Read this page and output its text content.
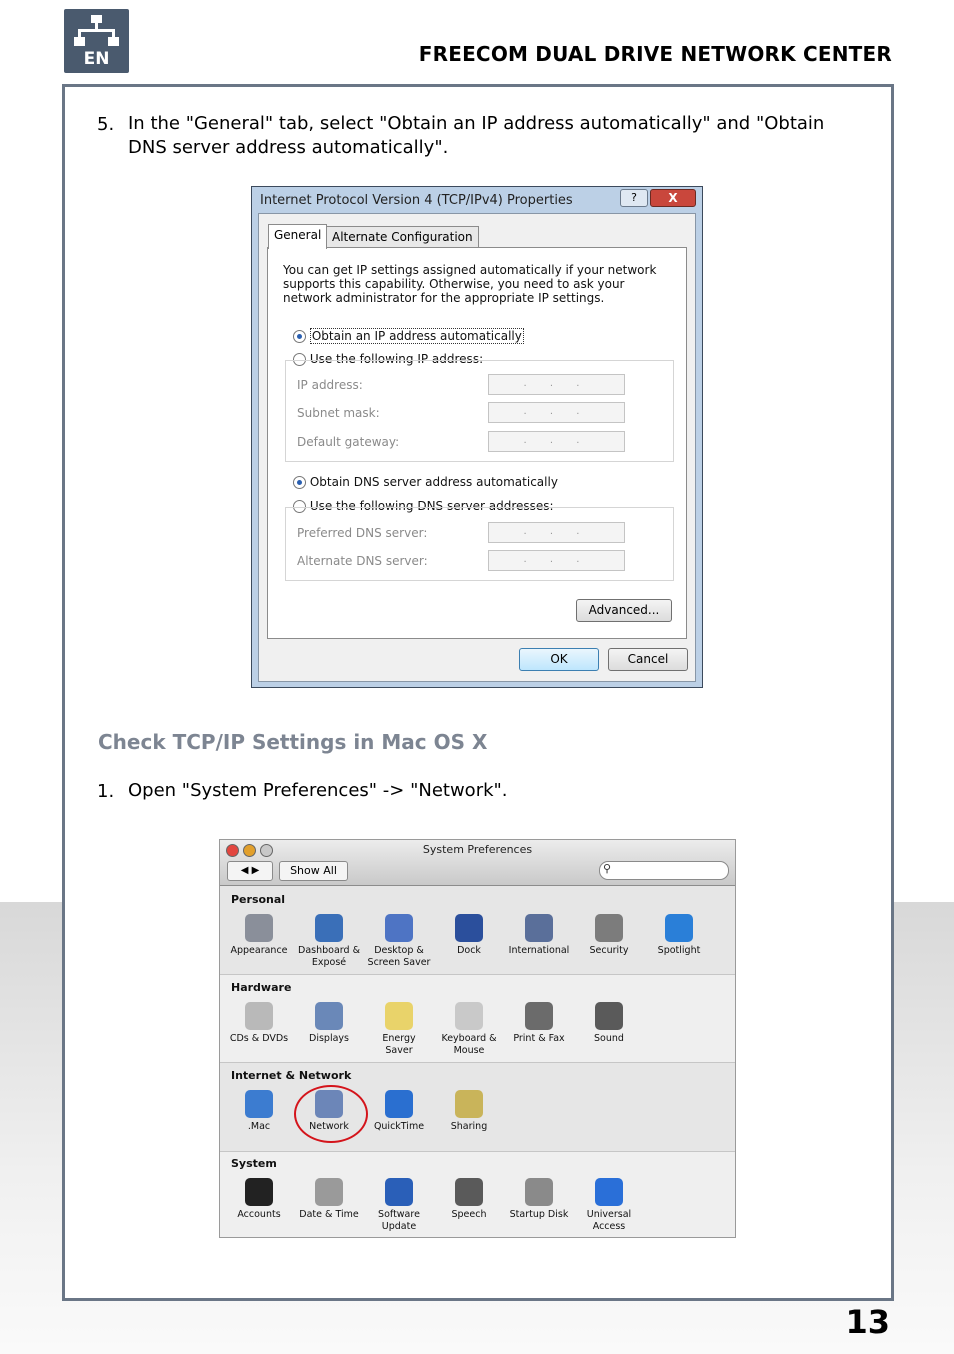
EN	FREECOM DUAL DRIVE NETWORK CENTER
5. In the "General" tab, select "Obtain an IP address automatically" and "Obtain DNS server address automatically".
Internet Protocol Version 4 (TCP/IPv4) Properties	?	X
General Alternate Configuration
You can get IP settings assigned automatically if your network supports this capability. Otherwise, you need to ask your network administrator for the appropriate IP settings.
Obtain an IP address automatically
Use the following IP address:
IP address:	. . .
Subnet mask:	. . .
Default gateway:	. . .
Obtain DNS server address automatically
Use the following DNS server addresses:
Preferred DNS server:	. . .
Alternate DNS server:	. . .
Advanced...
OK	Cancel
Check TCP/IP Settings in Mac OS X
1. Open "System Preferences" -> "Network".
System Preferences
◀ ▶	Show All	⚲
Personal
Appearance	Dashboard &
Exposé
Desktop &
Screen Saver
Dock	International	Security	Spotlight
Hardware
CDs & DVDs	Displays	Energy
Saver
Keyboard &
Mouse
Print & Fax	Sound
Internet & Network
.Mac	Network	QuickTime	Sharing
System
Accounts	Date & Time	Software
Update
Speech	Startup Disk	Universal
Access
13
